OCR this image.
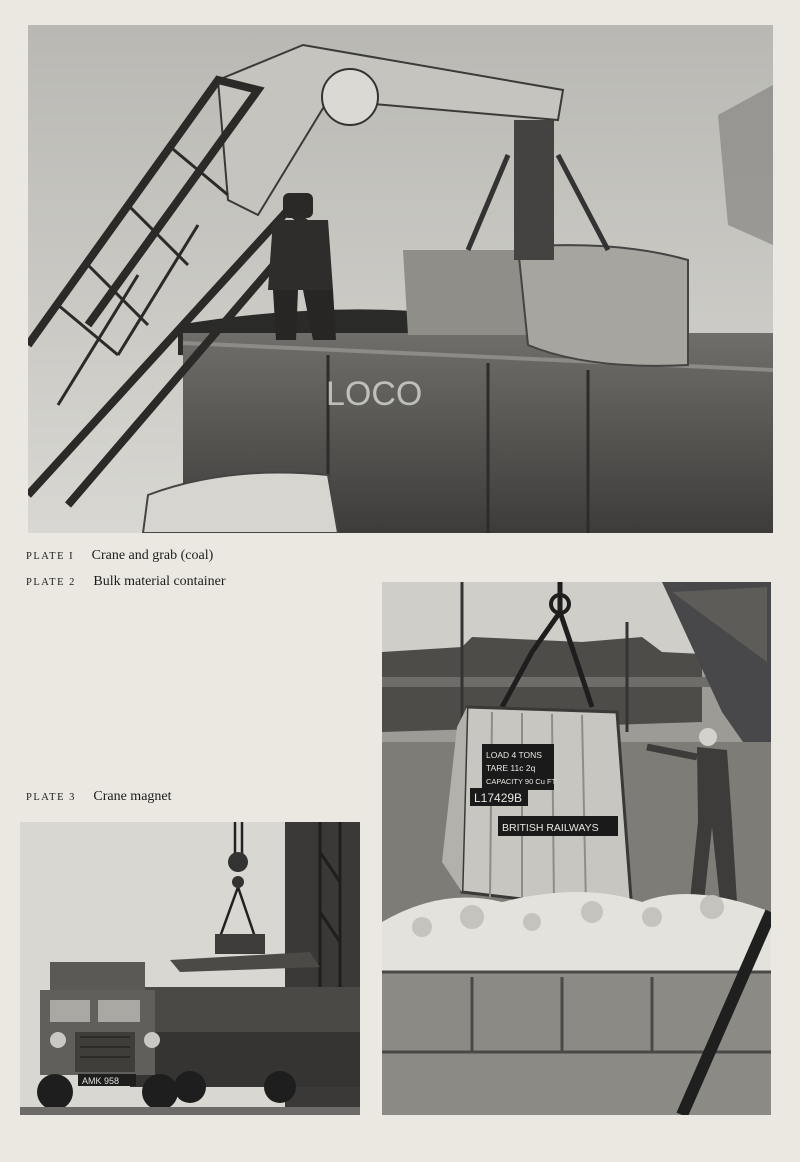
LOCO
PLATE I Crane and grab (coal)
PLATE 2 Bulk material container
PLATE 3 Crane magnet
LOAD 4 TONS
TARE 11c 2q
CAPACITY 90 Cu FT
L17429B
BRITISH RAILWAYS
AMK 958
